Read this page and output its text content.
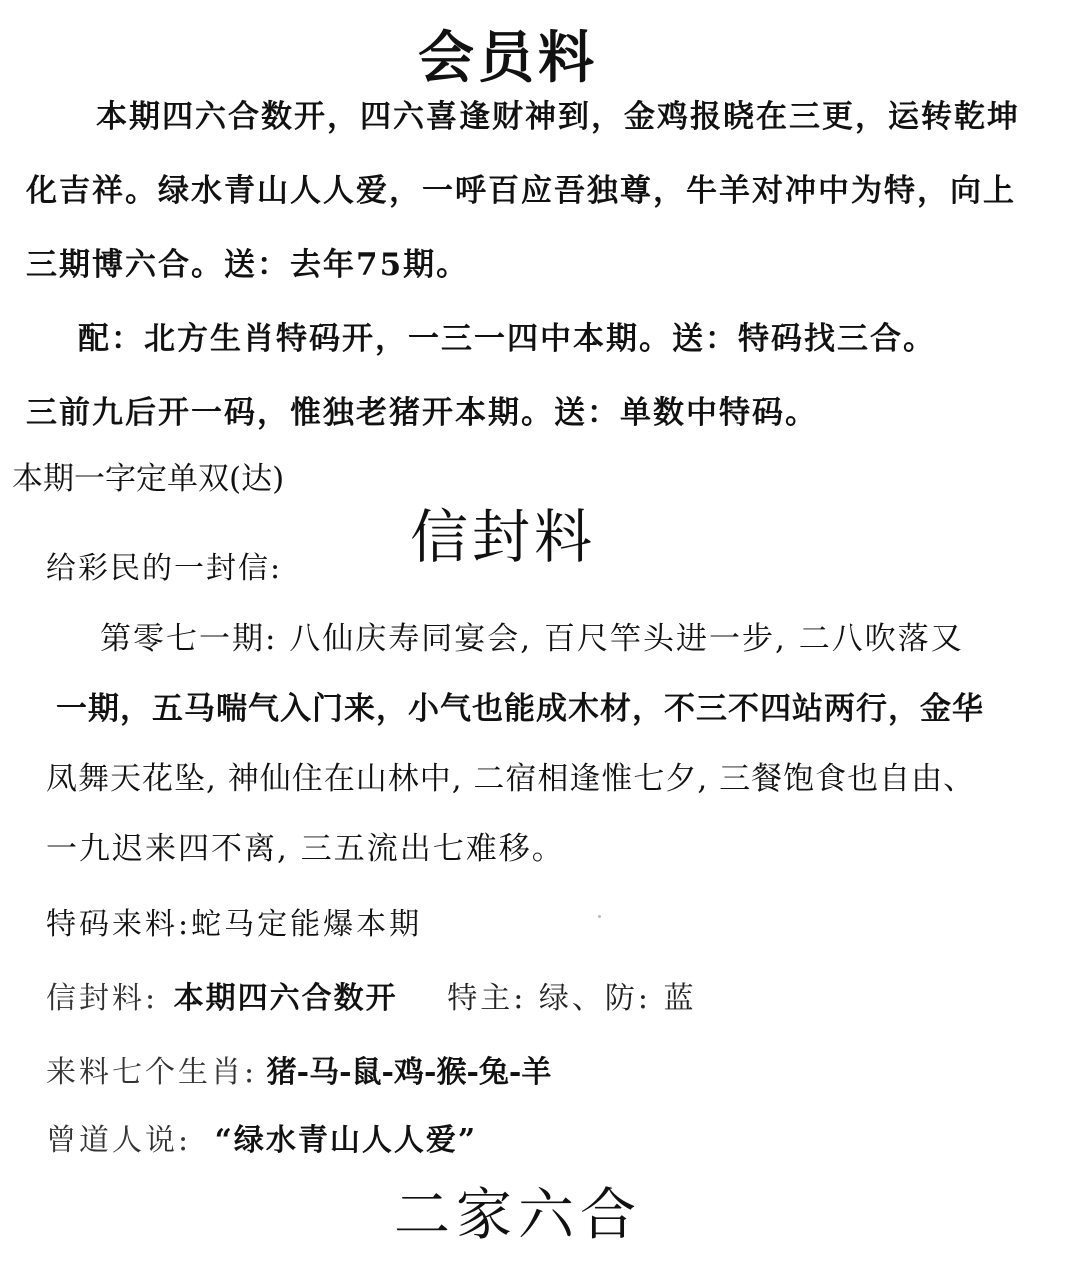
会员料
本期四六合数开，四六喜逢财神到，金鸡报晓在三更，运转乾坤
化吉祥。绿水青山人人爱，一呼百应吾独尊，牛羊对冲中为特，向上
三期博六合。送：去年75期。
配：北方生肖特码开，一三一四中本期。送：特码找三合。
三前九后开一码，惟独老猪开本期。送：单数中特码。
本期一字定单双(达)
信封料
给彩民的一封信:
第零七一期: 八仙庆寿同宴会, 百尺竿头进一步, 二八吹落又
一期，五马喘气入门来，小气也能成木材，不三不四站两行，金华
凤舞天花坠, 神仙住在山林中, 二宿相逢惟七夕, 三餐饱食也自由、
一九迟来四不离, 三五流出七难移。
特码来料:蛇马定能爆本期
信封料: 本期四六合数开 特主: 绿、防: 蓝
来料七个生肖: 猪-马-鼠-鸡-猴-兔-羊
曾道人说: “绿水青山人人爱”
二家六合
